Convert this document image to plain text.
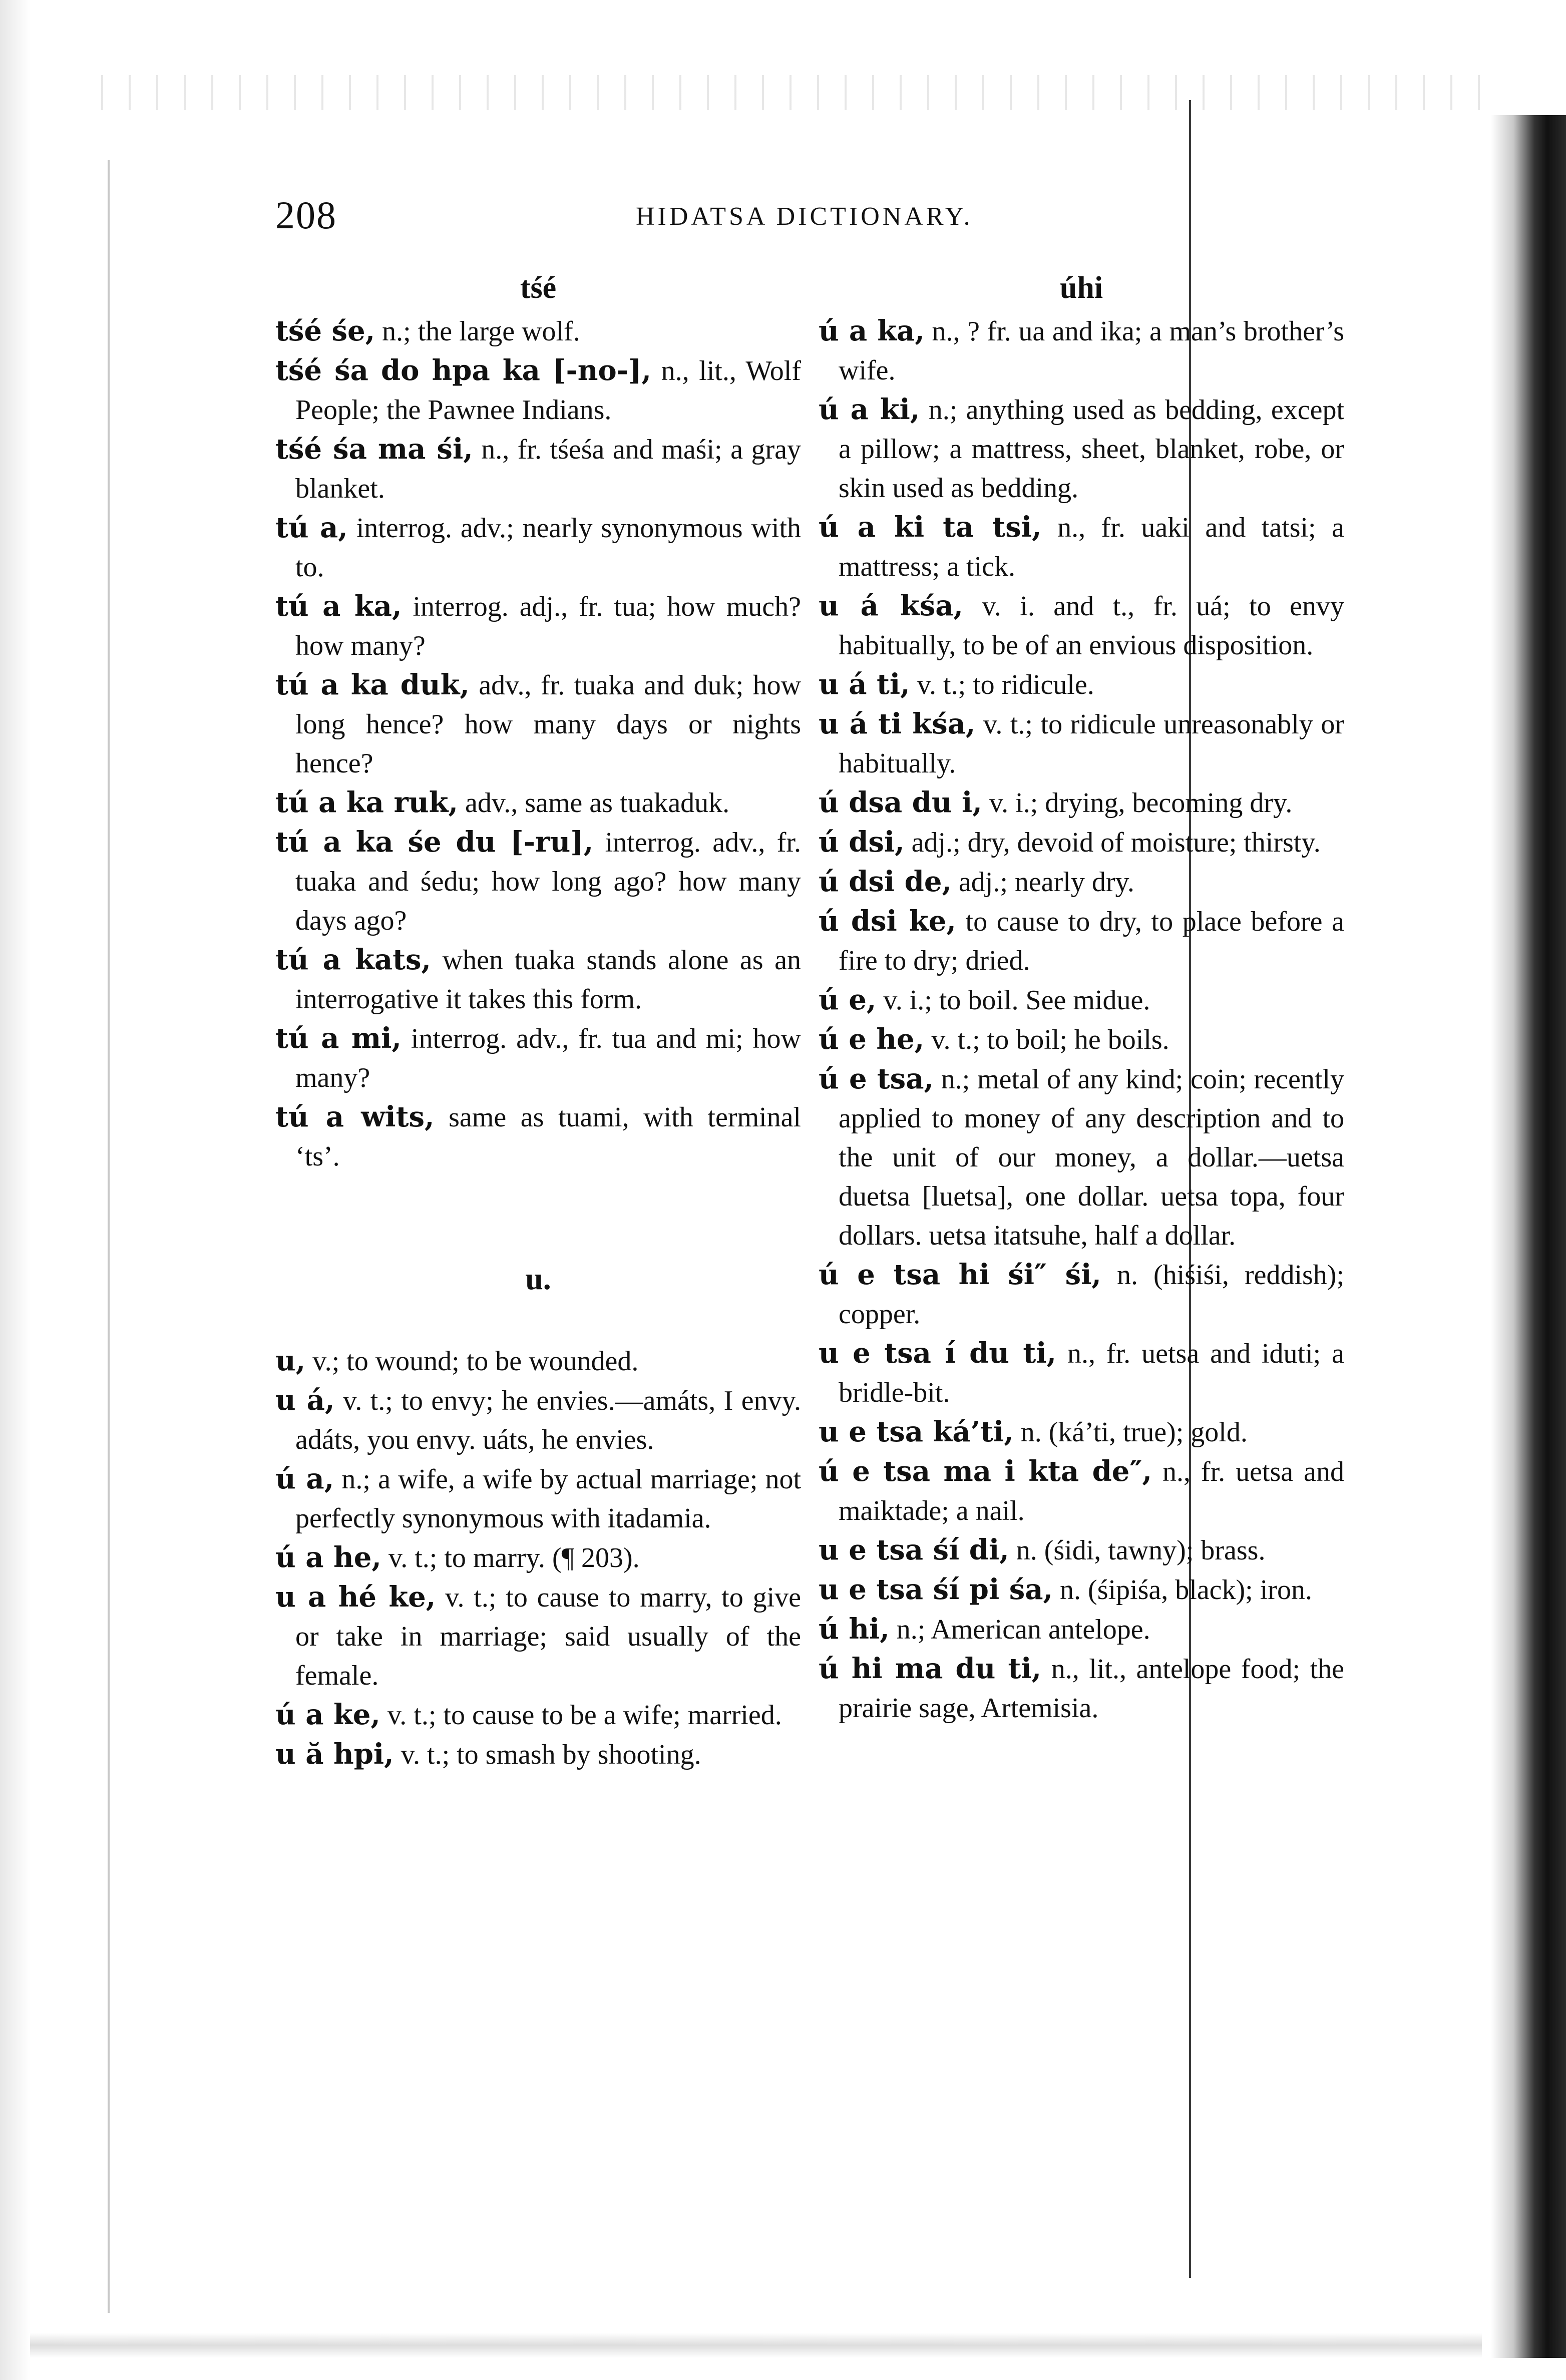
208	HIDATSA DICTIONARY.
tśé

tśé śe, n.; the large wolf.

tśé śa do hpa ka [-no-], n., lit., Wolf People; the Pawnee Indians.

tśé śa ma śi, n., fr. tśeśa and maśi; a gray blanket.

tú a, interrog. adv.; nearly synonymous with to.

tú a ka, interrog. adj., fr. tua; how much? how many?

tú a ka duk, adv., fr. tuaka and duk; how long hence? how many days or nights hence?

tú a ka ruk, adv., same as tuakaduk.

tú a ka śe du [-ru], interrog. adv., fr. tuaka and śedu; how long ago? how many days ago?

tú a kats, when tuaka stands alone as an interrogative it takes this form.

tú a mi, interrog. adv., fr. tua and mi; how many?

tú a wits, same as tuami, with terminal ‘ts’.

u.

u, v.; to wound; to be wounded.

u á, v. t.; to envy; he envies.—amáts, I envy. adáts, you envy. uáts, he envies.

ú a, n.; a wife, a wife by actual marriage; not perfectly synonymous with itadamia.

ú a he, v. t.; to marry. (¶ 203).

u a hé ke, v. t.; to cause to marry, to give or take in marriage; said usually of the female.

ú a ke, v. t.; to cause to be a wife; married.

u ă hpi, v. t.; to smash by shooting.

úhi

ú a ka, n., ? fr. ua and ika; a man’s brother’s wife.

ú a ki, n.; anything used as bedding, except a pillow; a mattress, sheet, blanket, robe, or skin used as bedding.

ú a ki ta tsi, n., fr. uaki and tatsi; a mattress; a tick.

u á kśa, v. i. and t., fr. uá; to envy habitually, to be of an envious disposition.

u á ti, v. t.; to ridicule.

u á ti kśa, v. t.; to ridicule unreasonably or habitually.

ú dsa du i, v. i.; drying, becoming dry.

ú dsi, adj.; dry, devoid of moisture; thirsty.

ú dsi de, adj.; nearly dry.

ú dsi ke, to cause to dry, to place before a fire to dry; dried.

ú e, v. i.; to boil. See midue.

ú e he, v. t.; to boil; he boils.

ú e tsa, n.; metal of any kind; coin; recently applied to money of any description and to the unit of our money, a dollar.—uetsa duetsa [luetsa], one dollar. uetsa topa, four dollars. uetsa itatsuhe, half a dollar.

ú e tsa hi śi″ śi, n. (hiśiśi, reddish); copper.

u e tsa í du ti, n., fr. uetsa and iduti; a bridle-bit.

u e tsa ká’ti, n. (ká’ti, true); gold.

ú e tsa ma i kta de″, n., fr. uetsa and maiktade; a nail.

u e tsa śí di, n. (śidi, tawny); brass.

u e tsa śí pi śa, n. (śipiśa, black); iron.

ú hi, n.; American antelope.

ú hi ma du ti, n., lit., antelope food; the prairie sage, Artemisia.
